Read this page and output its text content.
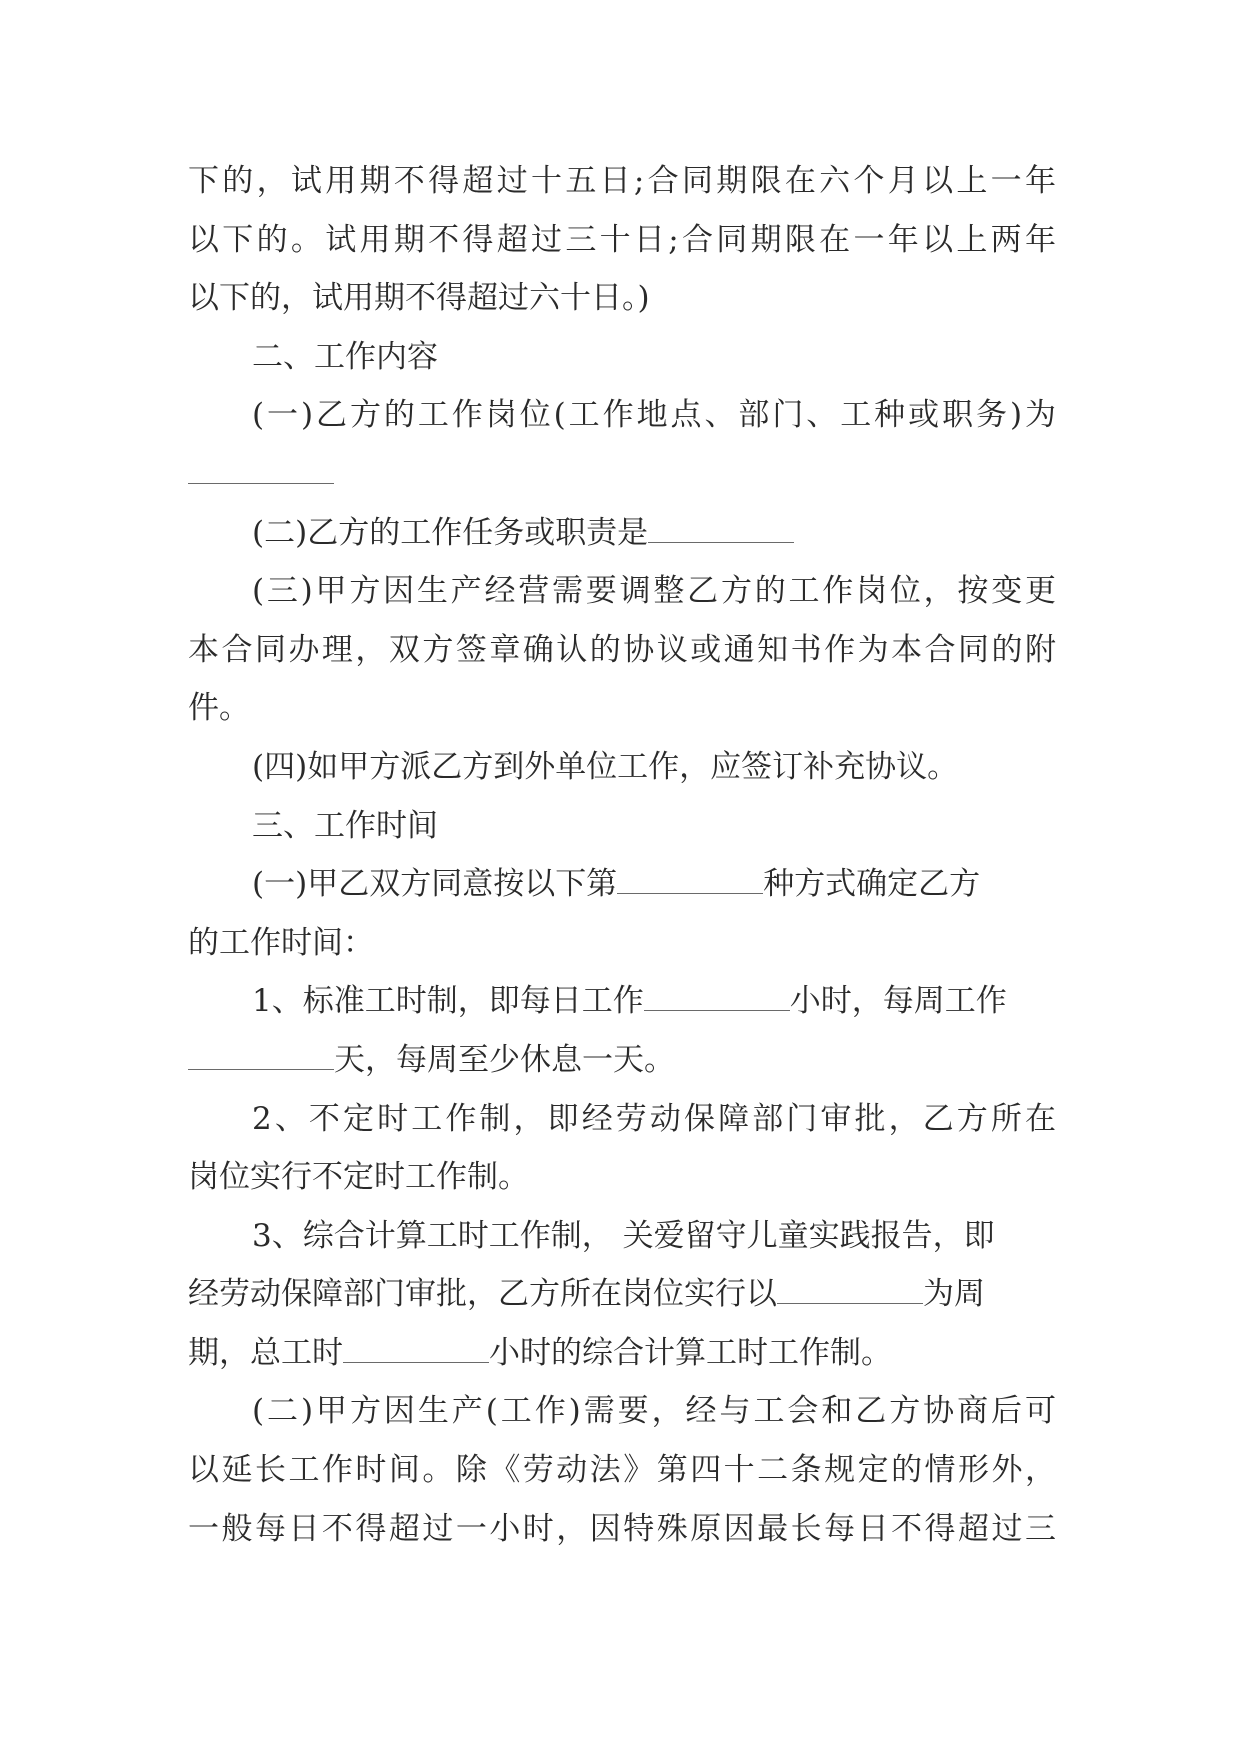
下的，试用期不得超过十五日;合同期限在六个月以上一年
以下的。试用期不得超过三十日;合同期限在一年以上两年
以下的，试用期不得超过六十日。)
二、工作内容
(一)乙方的工作岗位(工作地点、部门、工种或职务)为
(二)乙方的工作任务或职责是
(三)甲方因生产经营需要调整乙方的工作岗位，按变更
本合同办理，双方签章确认的协议或通知书作为本合同的附
件。
(四)如甲方派乙方到外单位工作，应签订补充协议。
三、工作时间
(一)甲乙双方同意按以下第	种方式确定乙方
的工作时间：
1、标准工时制，即每日工作	小时，每周工作
天，每周至少休息一天。
2、不定时工作制，即经劳动保障部门审批，乙方所在
岗位实行不定时工作制。
3、综合计算工时工作制， 关爱留守儿童实践报告，即
经劳动保障部门审批，乙方所在岗位实行以	为周
期，总工时	小时的综合计算工时工作制。
(二)甲方因生产(工作)需要，经与工会和乙方协商后可
以延长工作时间。除《劳动法》第四十二条规定的情形外，
一般每日不得超过一小时，因特殊原因最长每日不得超过三
